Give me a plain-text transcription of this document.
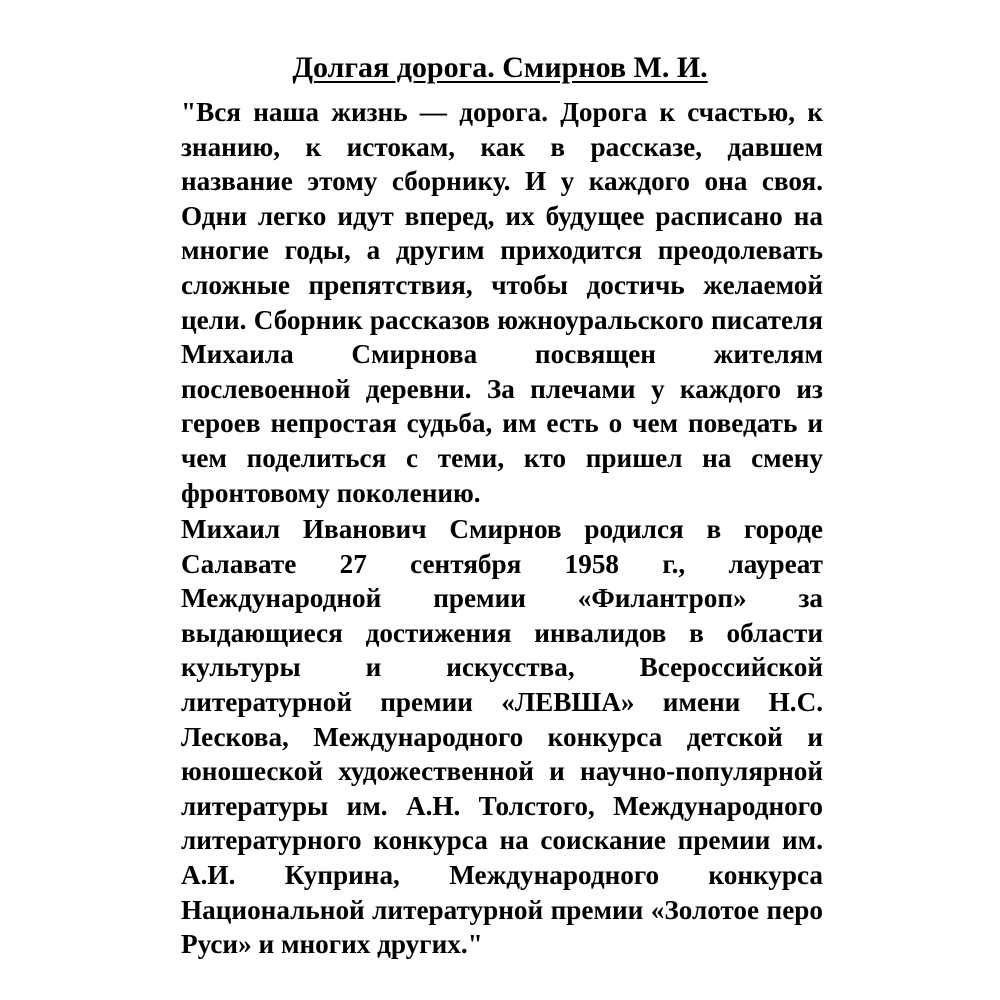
Долгая дорога. Смирнов М. И.

"Вся наша жизнь — дорога. Дорога к счастью, к знанию, к истокам, как в рассказе, давшем название этому сборнику. И у каждого она своя. Одни легко идут вперед, их будущее расписано на многие годы, а другим приходится преодолевать сложные препятствия, чтобы достичь желаемой цели. Сборник рассказов южноуральского писателя Михаила Смирнова посвящен жителям послевоенной деревни. За плечами у каждого из героев непростая судьба, им есть о чем поведать и чем поделиться с теми, кто пришел на смену фронтовому поколению.

Михаил Иванович Смирнов родился в городе Салавате 27 сентября 1958 г., лауреат Международной премии «Филантроп» за выдающиеся достижения инвалидов в области культуры и искусства, Всероссийской литературной премии «ЛЕВША» имени Н.С. Лескова, Международного конкурса детской и юношеской художественной и научно-популярной литературы им. А.Н. Толстого, Международного литературного конкурса на соискание премии им. А.И. Куприна, Международного конкурса Национальной литературной премии «Золотое перо Руси» и многих других."
